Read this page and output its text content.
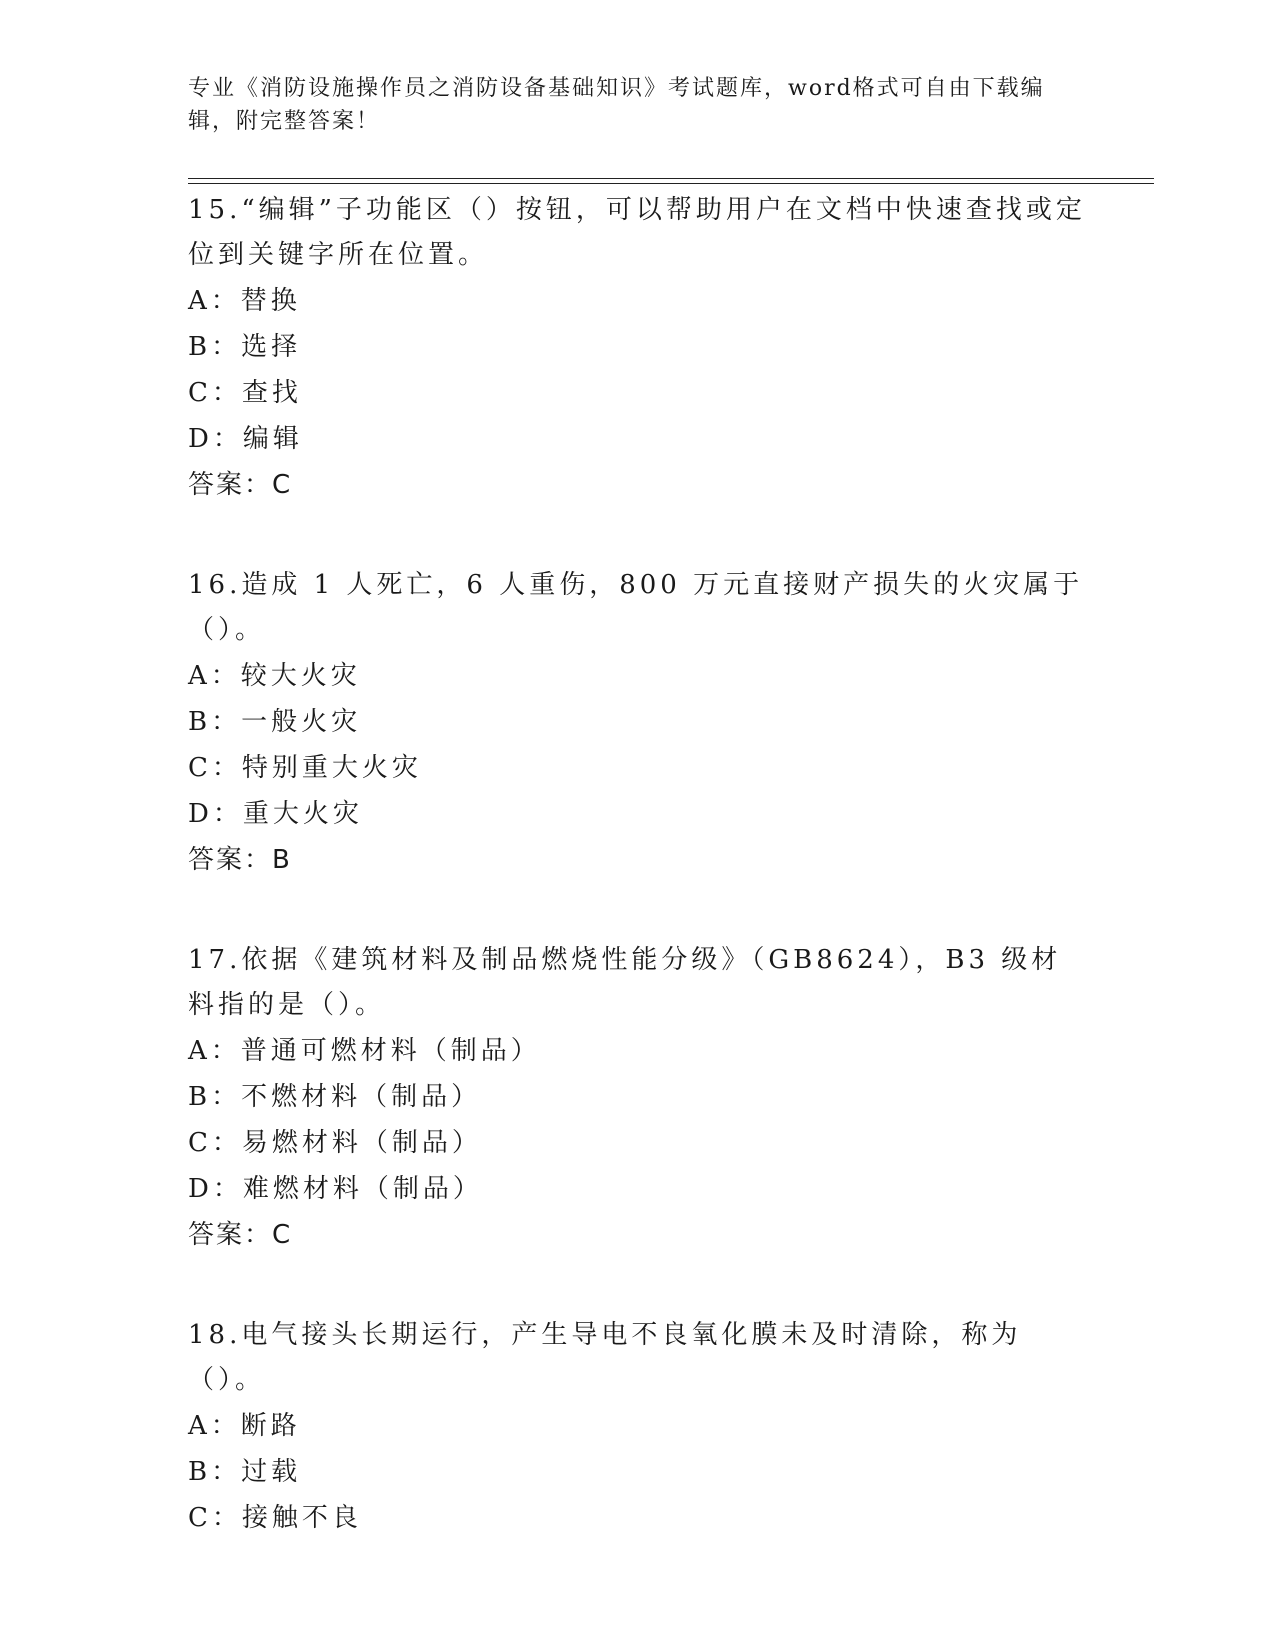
专业《消防设施操作员之消防设备基础知识》考试题库，word格式可自由下载编辑，附完整答案！
15.“编辑”子功能区（）按钮，可以帮助用户在文档中快速查找或定位到关键字所在位置。
A：替换
B：选择
C：查找
D：编辑
答案：C
16.造成 1 人死亡，6 人重伤，800 万元直接财产损失的火灾属于（）。
A：较大火灾
B：一般火灾
C：特别重大火灾
D：重大火灾
答案：B
17.依据《建筑材料及制品燃烧性能分级》（GB8624），B3 级材料指的是（）。
A：普通可燃材料（制品）
B：不燃材料（制品）
C：易燃材料（制品）
D：难燃材料（制品）
答案：C
18.电气接头长期运行，产生导电不良氧化膜未及时清除，称为（）。
A：断路
B：过载
C：接触不良
